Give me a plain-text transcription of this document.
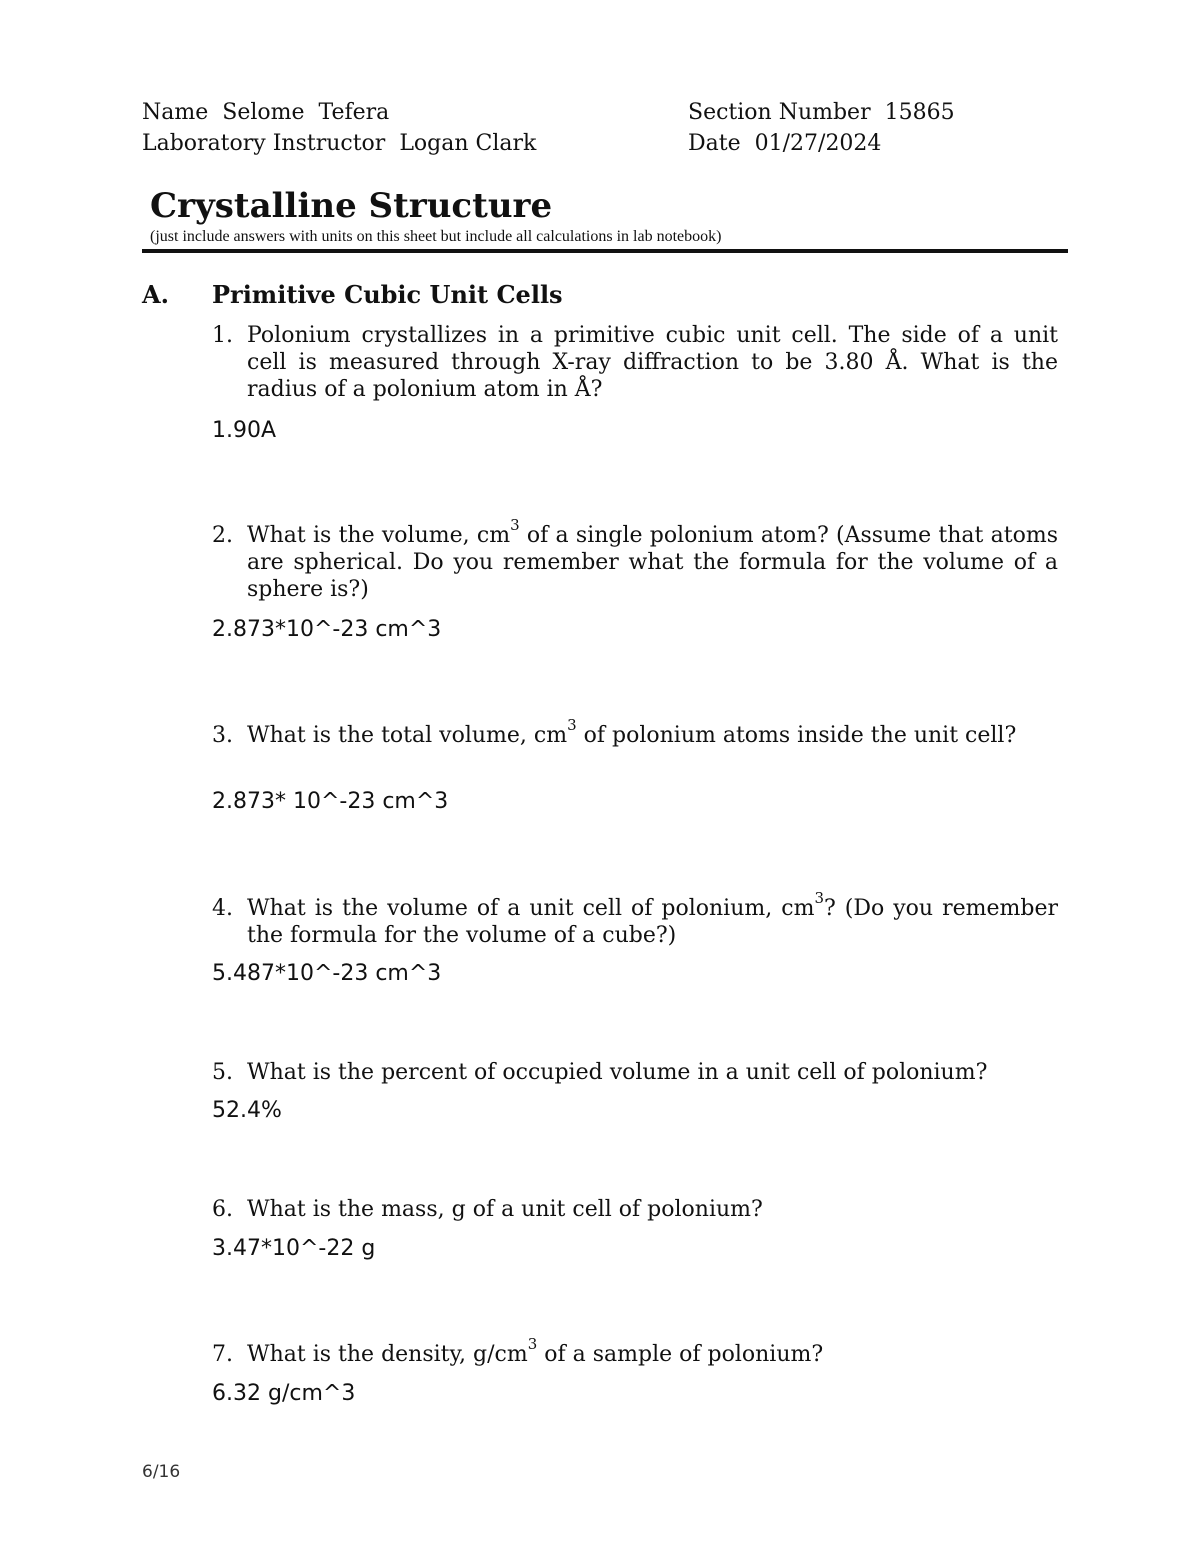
Name Selome  Tefera
Laboratory Instructor Logan Clark
Section Number 15865
Date 01/27/2024
Crystalline Structure
(just include answers with units on this sheet but include all calculations in lab notebook)
A. Primitive Cubic Unit Cells
1. Polonium crystallizes in a primitive cubic unit cell. The side of a unit cell is measured through X-ray diffraction to be 3.80 Å. What is the radius of a polonium atom in Å?
1.90A
2. What is the volume, $cm^3$ of a single polonium atom? (Assume that atoms are spherical. Do you remember what the formula for the volume of a sphere is?)
2.873*10^-23 cm^3
3. What is the total volume, $cm^3$ of polonium atoms inside the unit cell?
2.873* 10^-23 cm^3
4. What is the volume of a unit cell of polonium, $cm^3$? (Do you remember the formula for the volume of a cube?)
5.487*10^-23 cm^3
5. What is the percent of occupied volume in a unit cell of polonium?
52.4%
6. What is the mass, g of a unit cell of polonium?
3.47*10^-22 g
7. What is the density, $g/cm^3$ of a sample of polonium?
6.32 g/cm^3
6/16
